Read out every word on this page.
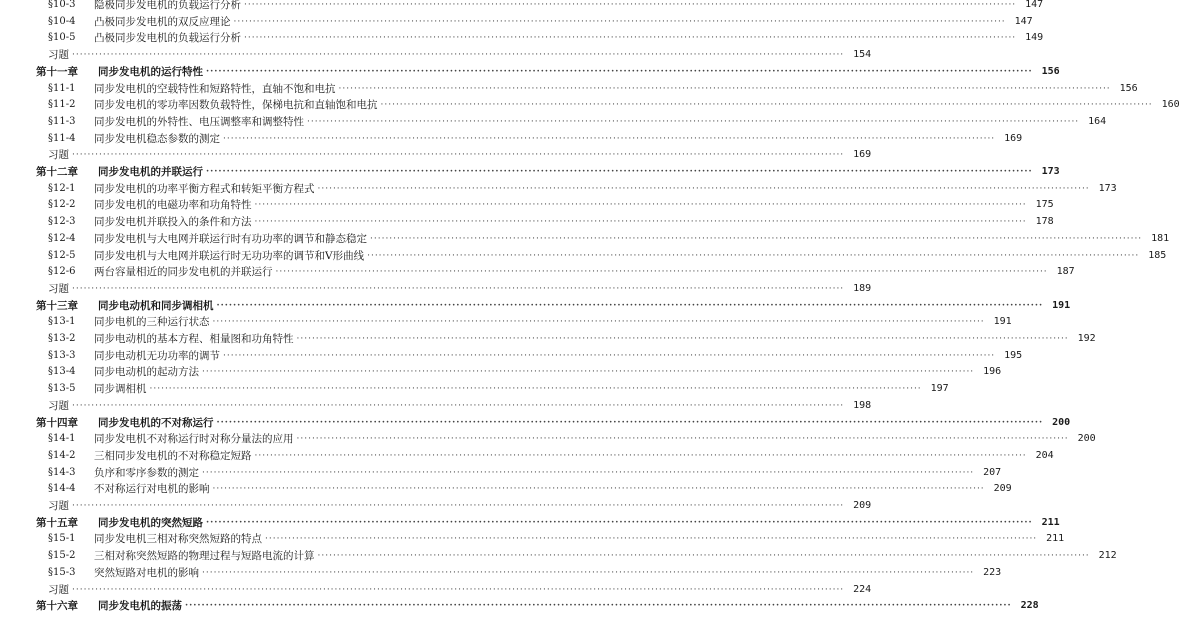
§10-3	隐极同步发电机的负载运行分析 ········································································································································································································ 147
§10-4	凸极同步发电机的双反应理论 ········································································································································································································ 147
§10-5	凸极同步发电机的负载运行分析 ········································································································································································································ 149
习题 ········································································································································································································ 154
第十一章	同步发电机的运行特性 ········································································································································································································ 156
§11-1	同步发电机的空载特性和短路特性，直轴不饱和电抗 ········································································································································································································ 156
§11-2	同步发电机的零功率因数负载特性，保梯电抗和直轴饱和电抗 ········································································································································································································ 160
§11-3	同步发电机的外特性、电压调整率和调整特性 ········································································································································································································ 164
§11-4	同步发电机稳态参数的测定 ········································································································································································································ 169
习题 ········································································································································································································ 169
第十二章	同步发电机的并联运行 ········································································································································································································ 173
§12-1	同步发电机的功率平衡方程式和转矩平衡方程式 ········································································································································································································ 173
§12-2	同步发电机的电磁功率和功角特性 ········································································································································································································ 175
§12-3	同步发电机并联投入的条件和方法 ········································································································································································································ 178
§12-4	同步发电机与大电网并联运行时有功功率的调节和静态稳定 ········································································································································································································ 181
§12-5	同步发电机与大电网并联运行时无功功率的调节和V形曲线 ········································································································································································································ 185
§12-6	两台容量相近的同步发电机的并联运行 ········································································································································································································ 187
习题 ········································································································································································································ 189
第十三章	同步电动机和同步调相机 ········································································································································································································ 191
§13-1	同步电机的三种运行状态 ········································································································································································································ 191
§13-2	同步电动机的基本方程、相量图和功角特性 ········································································································································································································ 192
§13-3	同步电动机无功功率的调节 ········································································································································································································ 195
§13-4	同步电动机的起动方法 ········································································································································································································ 196
§13-5	同步调相机 ········································································································································································································ 197
习题 ········································································································································································································ 198
第十四章	同步发电机的不对称运行 ········································································································································································································ 200
§14-1	同步发电机不对称运行时对称分量法的应用 ········································································································································································································ 200
§14-2	三相同步发电机的不对称稳定短路 ········································································································································································································ 204
§14-3	负序和零序参数的测定 ········································································································································································································ 207
§14-4	不对称运行对电机的影响 ········································································································································································································ 209
习题 ········································································································································································································ 209
第十五章	同步发电机的突然短路 ········································································································································································································ 211
§15-1	同步发电机三相对称突然短路的特点 ········································································································································································································ 211
§15-2	三相对称突然短路的物理过程与短路电流的计算 ········································································································································································································ 212
§15-3	突然短路对电机的影响 ········································································································································································································ 223
习题 ········································································································································································································ 224
第十六章	同步发电机的振荡 ········································································································································································································ 228
